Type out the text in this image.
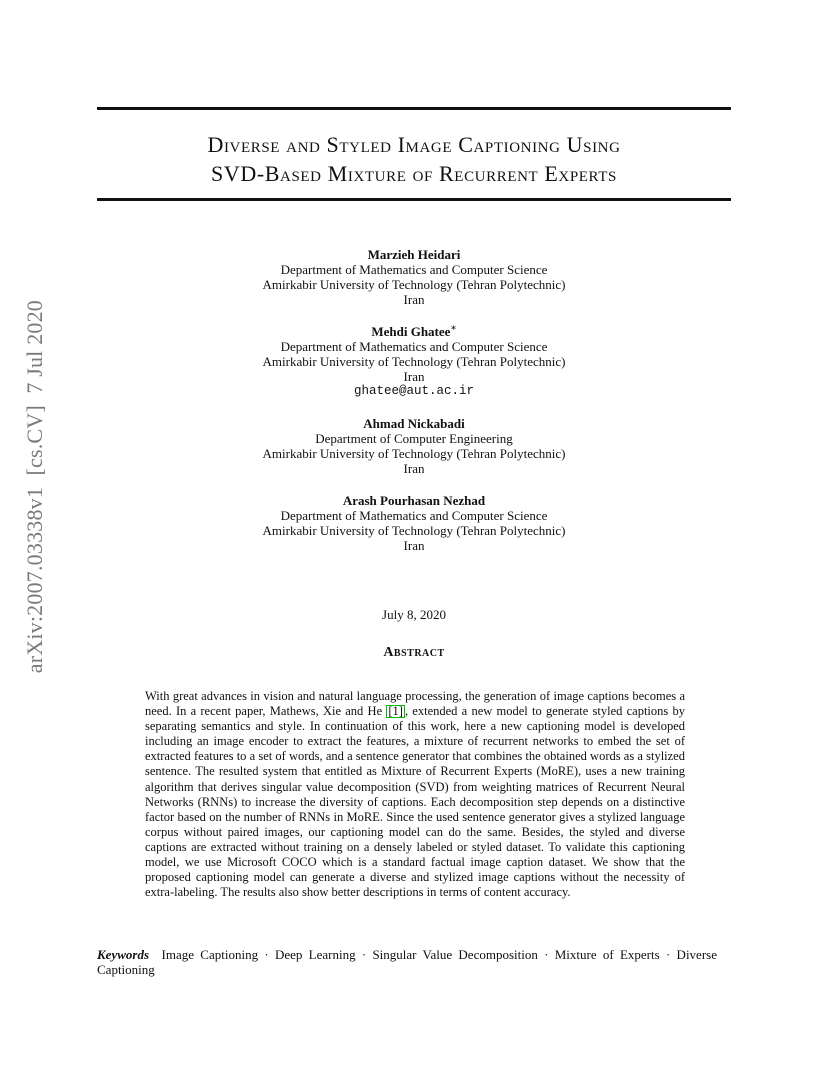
Diverse and Styled Image Captioning Using
SVD-Based Mixture of Recurrent Experts
arXiv:2007.03338v1  [cs.CV]  7 Jul 2020
Marzieh Heidari
Department of Mathematics and Computer Science
Amirkabir University of Technology (Tehran Polytechnic)
Iran
Mehdi Ghatee∗
Department of Mathematics and Computer Science
Amirkabir University of Technology (Tehran Polytechnic)
Iran
ghatee@aut.ac.ir
Ahmad Nickabadi
Department of Computer Engineering
Amirkabir University of Technology (Tehran Polytechnic)
Iran
Arash Pourhasan Nezhad
Department of Mathematics and Computer Science
Amirkabir University of Technology (Tehran Polytechnic)
Iran
July 8, 2020
Abstract
With great advances in vision and natural language processing, the generation of image captions becomes a need. In a recent paper, Mathews, Xie and He [1] , extended a new model to generate styled captions by separating semantics and style. In continuation of this work, here a new captioning model is developed including an image encoder to extract the features, a mixture of recurrent networks to embed the set of extracted features to a set of words, and a sentence generator that combines the obtained words as a stylized sentence. The resulted system that entitled as Mixture of Recurrent Experts (MoRE), uses a new training algorithm that derives singular value decomposition (SVD) from weighting matrices of Recurrent Neural Networks (RNNs) to increase the diversity of captions. Each decomposition step depends on a distinctive factor based on the number of RNNs in MoRE. Since the used sentence generator gives a stylized language corpus without paired images, our captioning model can do the same. Besides, the styled and diverse captions are extracted without training on a densely labeled or styled dataset. To validate this captioning model, we use Microsoft COCO which is a standard factual image caption dataset. We show that the proposed captioning model can generate a diverse and stylized image captions without the necessity of extra-labeling. The results also show better descriptions in terms of content accuracy.
Keywords Image Captioning · Deep Learning · Singular Value Decomposition · Mixture of Experts · Diverse Captioning
